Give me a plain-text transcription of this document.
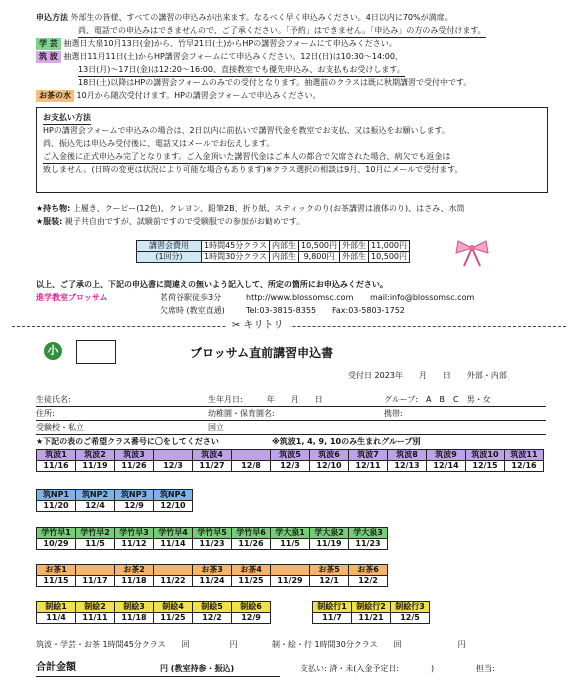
申込方法 外部生の皆様、すべての講習の申込みが出来ます。なるべく早く申込みください。4日以内に70%が満席。
尚、電話での申込みはできませんので、ご了承ください。「予約」はできません。「申込み」の方のみ受付けます。
学 芸 抽選日大泉10月13日(金)から、竹早21日(土)からHPの講習会フォームにて申込みください。
筑 波 抽選日11月11日(土)からHP講習会フォームにて申込みください。12日(日)は10:30～14:00、
13日(月)～17日(金)は12:20～16:00、直接教室でも優先申込み、お支払もお受けします。
18日(土)以降はHPの講習会フォームのみでの受付となります。抽選前のクラスは既に秋期講習で受付中です。
お茶の水 10月から随次受付けます。HPの講習会フォームで申込みください。
お支払い方法
HPの講習会フォームで申込みの場合は、2日以内に前払いで講習代金を教室でお支払、又は振込をお願いします。
尚、振込先は申込み受付後に、電話又はメールでお伝えします。
ご入金後に正式申込み完了となります。ご入金頂いた講習代金はご本人の都合で欠席された場合、病欠でも返金は
致しません。(日時の変更は状況により可能な場合もあります)※クラス選択の相談は9月、10月にメールで受付ます。
★持ち物: 上履き、クーピー(12色)、クレヨン、鉛筆2B、折り紙、スティックのり(お茶講習は液体のり)、はさみ、水筒
★服装: 親子共自由ですが、試験前ですので受験服での参加がお勧めです。
講習会費用	1時間45分クラス	内部生	10,500円	外部生	11,000円
(1回分)	1時間30分クラス	内部生	9,800円	外部生	10,500円
以上、ご了承の上、下記の申込書に間違えの無いよう記入して、所定の箇所にお申込みください。
進学教室ブロッサム	茗荷谷駅徒歩3分	http://www.blossomsc.com mail:info@blossomsc.com
欠席時 (教室直通)	Tel:03-3815-8355 Fax:03-5803-1752
✂ キリトリ
小	ブロッサム直前講習申込書
受付日 2023年　　月　　日　　外部・内部
生徒氏名:	生年月日:　　　年　　月　　日	グループ:　A　B　C　男・女
住所:	幼稚園・保育園名:	携帯:
受験校・私立	国立
★下記の表のご希望クラス番号に〇をしてください	※筑波1, 4, 9, 10のみ生まれグループ別
筑波1	筑波2	筑波3		筑波4		筑波5	筑波6	筑波7	筑波8	筑波9	筑波10	筑波11
11/16	11/19	11/26	12/3	11/27	12/8	12/3	12/10	12/11	12/13	12/14	12/15	12/16
筑NP1	筑NP2	筑NP3	筑NP4
11/20	12/4	12/9	12/10
学竹早1	学竹早2	学竹早3	学竹早4	学竹早5	学竹早6	学大泉1	学大泉2	学大泉3
10/29	11/5	11/12	11/14	11/23	11/26	11/5	11/19	11/23
お茶1		お茶2		お茶3	お茶4		お茶5	お茶6
11/15	11/17	11/18	11/22	11/24	11/25	11/29	12/1	12/2
制絵1	制絵2	制絵3	制絵4	制絵5	制絵6
11/4	11/11	11/18	11/25	12/2	12/9
制絵行1	制絵行2	制絵行3
11/7	11/21	12/5
筑波・学芸・お茶 1時間45分クラス　　回　　　　　円	制・絵・行 1時間30分クラス　　回　　　　　　　円
合計金額	円 (教室持参・振込)	支払い: 済・未(入金予定日:　　　　)	担当:
